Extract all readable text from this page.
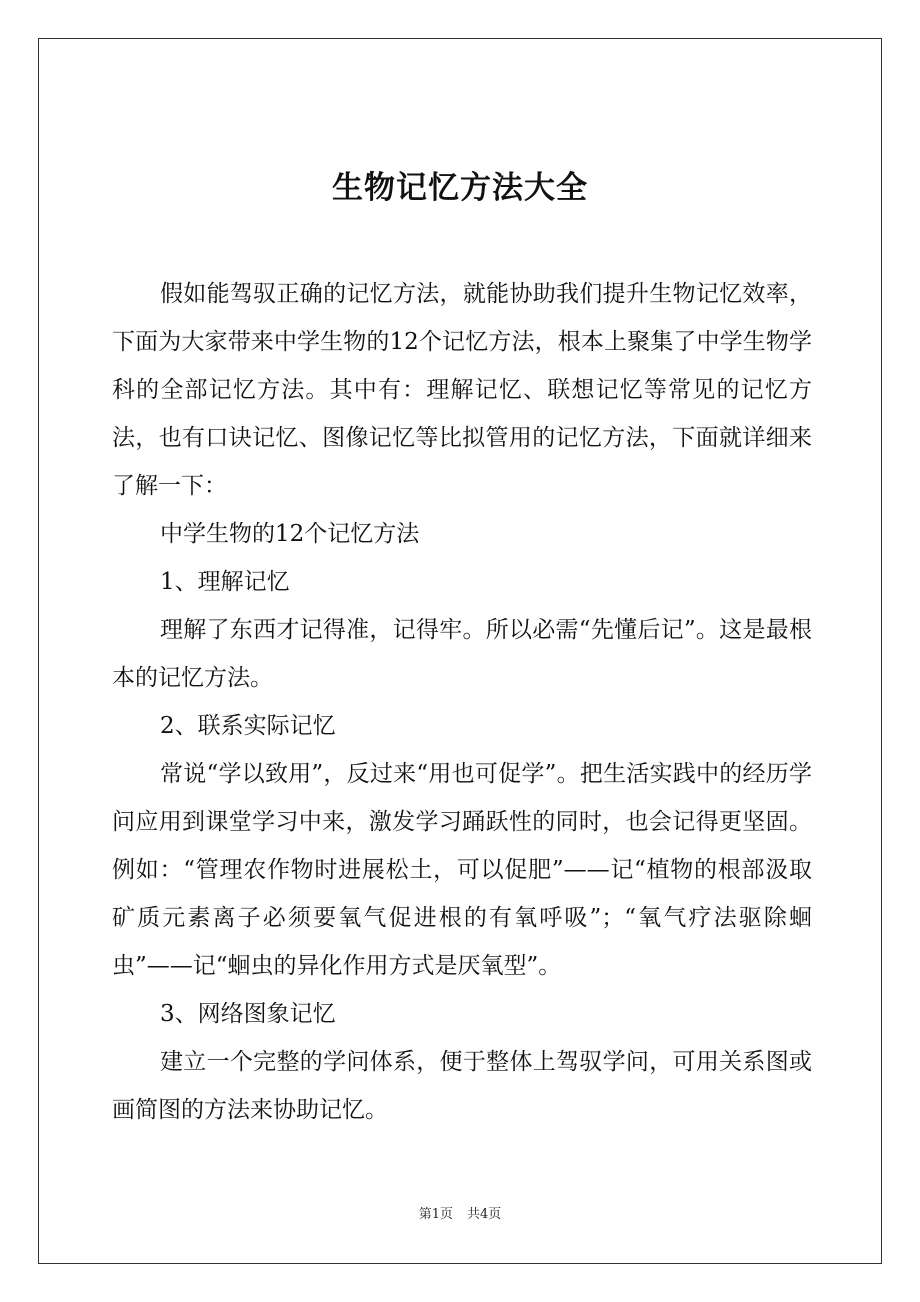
生物记忆方法大全

假如能驾驭正确的记忆方法，就能协助我们提升生物记忆效率，下面为大家带来中学生物的12个记忆方法，根本上聚集了中学生物学科的全部记忆方法。其中有：理解记忆、联想记忆等常见的记忆方法，也有口诀记忆、图像记忆等比拟管用的记忆方法，下面就详细来了解一下：

中学生物的12个记忆方法

1、理解记忆

理解了东西才记得准，记得牢。所以必需“先懂后记”。这是最根本的记忆方法。

2、联系实际记忆

常说“学以致用”，反过来“用也可促学”。把生活实践中的经历学问应用到课堂学习中来，激发学习踊跃性的同时，也会记得更坚固。例如：“管理农作物时进展松土，可以促肥”——记“植物的根部汲取矿质元素离子必须要氧气促进根的有氧呼吸”；“氧气疗法驱除蛔虫”——记“蛔虫的异化作用方式是厌氧型”。

3、网络图象记忆

建立一个完整的学问体系，便于整体上驾驭学问，可用关系图或画简图的方法来协助记忆。

第1页 共4页
